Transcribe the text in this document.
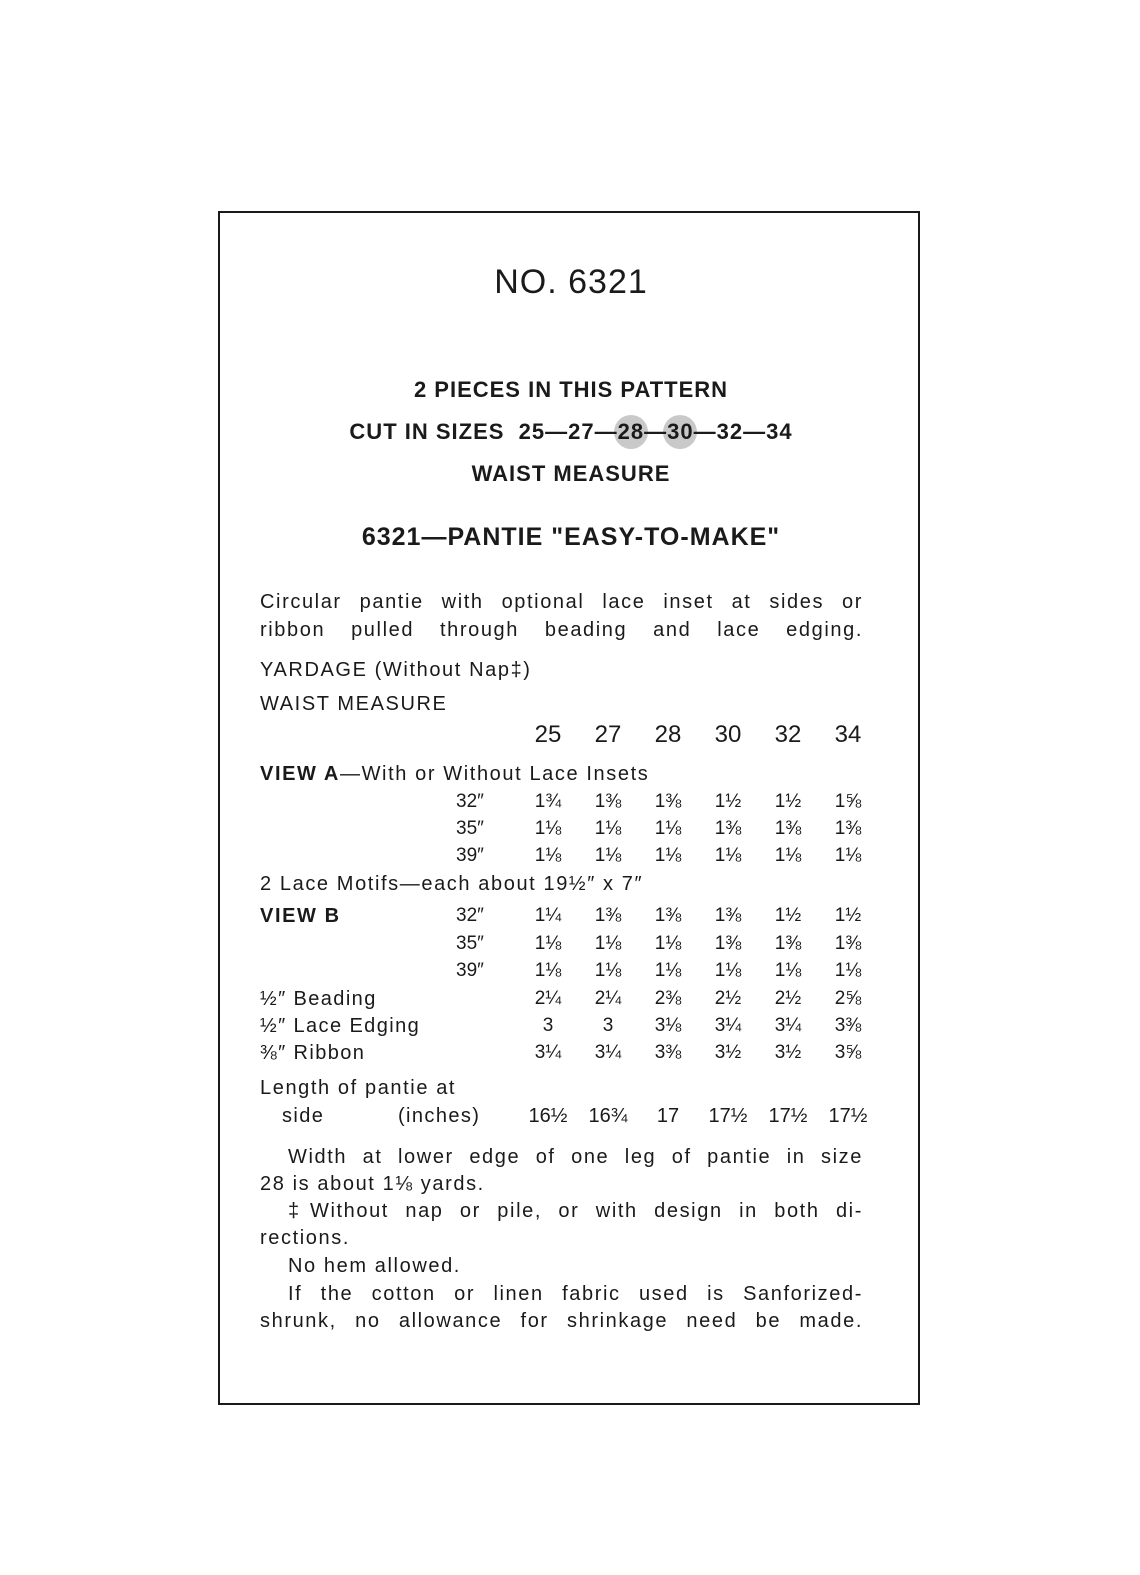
NO. 6321
2 PIECES IN THIS PATTERN
CUT IN SIZES 25—27—28—30—32—34
WAIST MEASURE
6321—PANTIE "EASY-TO-MAKE"
Circular pantie with optional lace inset at sides or
ribbon pulled through beading and lace edging.
YARDAGE (Without Nap‡)
WAIST MEASURE
25	27	28	30	32	34
VIEW A—With or Without Lace Insets
32″	1¾	1⅜	1⅜	1½	1½	1⅝
35″	1⅛	1⅛	1⅛	1⅜	1⅜	1⅜
39″	1⅛	1⅛	1⅛	1⅛	1⅛	1⅛
2 Lace Motifs—each about 19½″ x 7″
VIEW B	32″	1¼	1⅜	1⅜	1⅜	1½	1½
35″	1⅛	1⅛	1⅛	1⅜	1⅜	1⅜
39″	1⅛	1⅛	1⅛	1⅛	1⅛	1⅛
½″ Beading	2¼	2¼	2⅜	2½	2½	2⅝
½″ Lace Edging	3	3	3⅛	3¼	3¼	3⅜
⅜″ Ribbon	3¼	3¼	3⅜	3½	3½	3⅝
Length of pantie at
side	(inches) 16½ 16¾	17	17½ 17½ 17½
Width at lower edge of one leg of pantie in size
28 is about 1⅛ yards.
‡Without nap or pile, or with design in both di-
rections.
No hem allowed.
If the cotton or linen fabric used is Sanforized-
shrunk, no allowance for shrinkage need be made.
